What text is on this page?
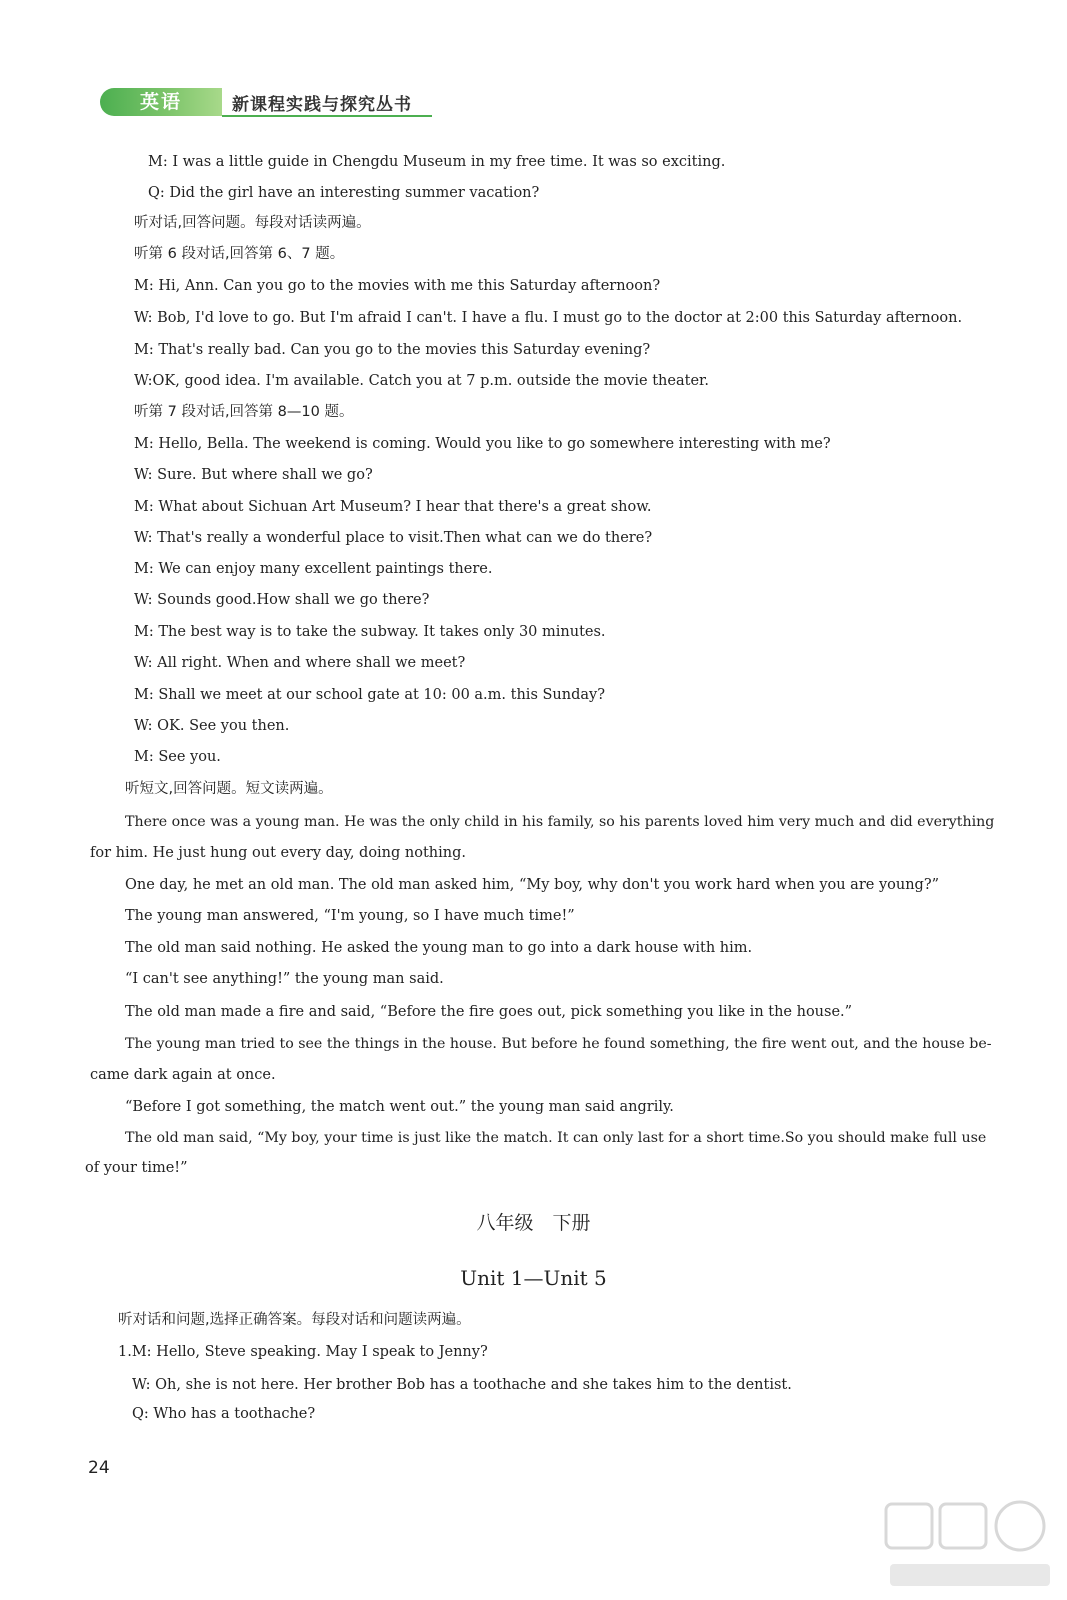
英语	新课程实践与探究丛书
M: I was a little guide in Chengdu Museum in my free time. It was so exciting.
Q: Did the girl have an interesting summer vacation?
听对话,回答问题。每段对话读两遍。
听第 6 段对话,回答第 6、7 题。
M: Hi, Ann. Can you go to the movies with me this Saturday afternoon?
W: Bob, I'd love to go. But I'm afraid I can't. I have a flu. I must go to the doctor at 2:00 this Saturday afternoon.
M: That's really bad. Can you go to the movies this Saturday evening?
W:OK, good idea. I'm available. Catch you at 7 p.m. outside the movie theater.
听第 7 段对话,回答第 8—10 题。
M: Hello, Bella. The weekend is coming. Would you like to go somewhere interesting with me?
W: Sure. But where shall we go?
M: What about Sichuan Art Museum? I hear that there's a great show.
W: That's really a wonderful place to visit.Then what can we do there?
M: We can enjoy many excellent paintings there.
W: Sounds good.How shall we go there?
M: The best way is to take the subway. It takes only 30 minutes.
W: All right. When and where shall we meet?
M: Shall we meet at our school gate at 10: 00 a.m. this Sunday?
W: OK. See you then.
M: See you.
听短文,回答问题。短文读两遍。
There once was a young man. He was the only child in his family, so his parents loved him very much and did everything
for him. He just hung out every day, doing nothing.
One day, he met an old man. The old man asked him, “My boy, why don't you work hard when you are young?”
The young man answered, “I'm young, so I have much time!”
The old man said nothing. He asked the young man to go into a dark house with him.
“I can't see anything!” the young man said.
The old man made a fire and said, “Before the fire goes out, pick something you like in the house.”
The young man tried to see the things in the house. But before he found something, the fire went out, and the house be-
came dark again at once.
“Before I got something, the match went out.” the young man said angrily.
The old man said, “My boy, your time is just like the match. It can only last for a short time.So you should make full use
of your time!”
八年级　下册
Unit 1—Unit 5
听对话和问题,选择正确答案。每段对话和问题读两遍。
1.M: Hello, Steve speaking. May I speak to Jenny?
W: Oh, she is not here. Her brother Bob has a toothache and she takes him to the dentist.
Q: Who has a toothache?
24
